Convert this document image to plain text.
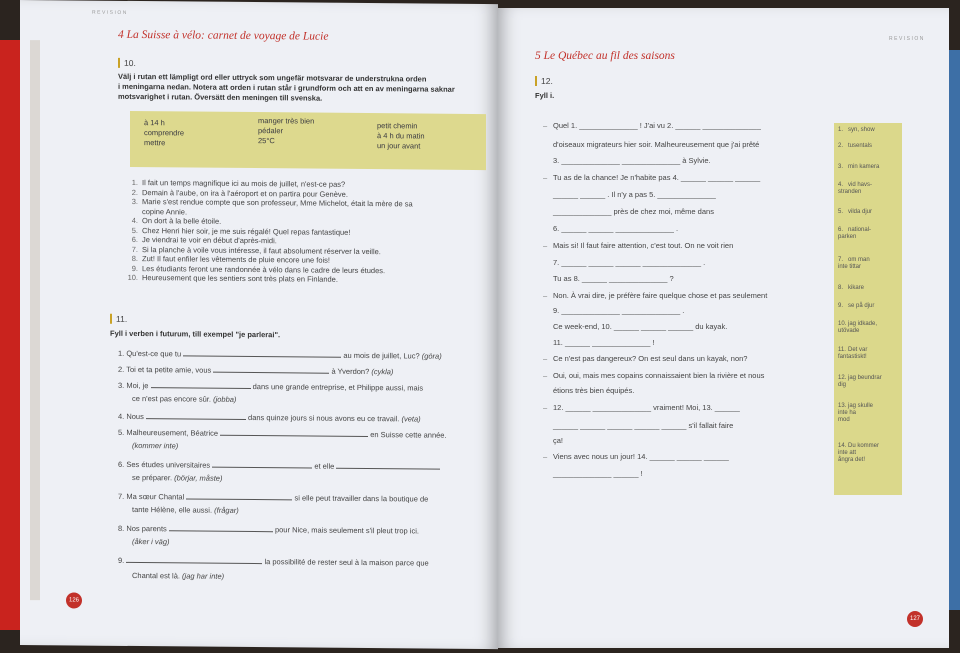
REVISION
4 La Suisse à vélo: carnet de voyage de Lucie
10.
Välj i rutan ett lämpligt ord eller uttryck som ungefär motsvarar de understrukna orden
i meningarna nedan. Notera att orden i rutan står i grundform och att en av meningarna saknar
motsvarighet i rutan. Översätt den meningen till svenska.
à 14 h
comprendre
mettre
manger très bien
pédaler
25°C
petit chemin
à 4 h du matin
un jour avant
1. Il fait un temps magnifique ici au mois de juillet, n'est-ce pas?
2. Demain à l'aube, on ira à l'aéroport et on partira pour Genève.
3. Marie s'est rendue compte que son professeur, Mme Michelot, était la mère de sa
copine Annie.
4. On dort à la belle étoile.
5. Chez Henri hier soir, je me suis régalé! Quel repas fantastique!
6. Je viendrai te voir en début d'après-midi.
7. Si la planche à voile vous intéresse, il faut absolument réserver la veille.
8. Zut! Il faut enfiler les vêtements de pluie encore une fois!
9. Les étudiants feront une randonnée à vélo dans le cadre de leurs études.
10. Heureusement que les sentiers sont très plats en Finlande.
11.
Fyll i verben i futurum, till exempel "je parlerai".
1. Qu'est-ce que tu	au mois de juillet, Luc? (göra)
2. Toi et ta petite amie, vous	à Yverdon? (cykla)
3. Moi, je	dans une grande entreprise, et Philippe aussi, mais
ce n'est pas encore sûr. (jobba)
4. Nous	dans quinze jours si nous avons eu ce travail. (veta)
5. Malheureusement, Béatrice	en Suisse cette année.
(kommer inte)
6. Ses études universitaires	et elle
se préparer. (börjar, måste)
7. Ma sœur Chantal	si elle peut travailler dans la boutique de
tante Hélène, elle aussi. (frågar)
8. Nos parents	pour Nice, mais seulement s'il pleut trop ici.
(åker i väg)
9.	la possibilité de rester seul à la maison parce que
Chantal est là. (jag har inte)
126
REVISION
5 Le Québec au fil des saisons
12.
Fyll i.
– Quel 1. ______________ ! J'ai vu 2. ______ ______________
d'oiseaux migrateurs hier soir. Malheureusement que j'ai prêté
3. ______________ ______________ à Sylvie.
– Tu as de la chance! Je n'habite pas 4. ______ ______ ______
______ ______ . Il n'y a pas 5. ______________
______________ près de chez moi, même dans
6. ______ ______ ______________ .
– Mais si! Il faut faire attention, c'est tout. On ne voit rien
7. ______ ______ ______ ______________ .
Tu as 8. ______ ______________ ?
– Non. À vrai dire, je préfère faire quelque chose et pas seulement
9. ______________ ______________ .
Ce week-end, 10. ______ ______ ______ du kayak.
11. ______ ______________ !
– Ce n'est pas dangereux? On est seul dans un kayak, non?
– Oui, oui, mais mes copains connaissaient bien la rivière et nous
étions très bien équipés.
– 12. ______ ______________ vraiment! Moi, 13. ______
______ ______ ______ ______ ______ s'il fallait faire
ça!
– Viens avec nous un jour! 14. ______ ______ ______
______________ ______ !
1. syn, show
2. tusentals
3. min kamera
4. vid havs-
stranden
5. vilda djur
6. national-
parken
7. om man
inte tittar
8. kikare
9. se på djur
10. jag idkade,
utövade
11. Det var
fantastiskt!
12. jag beundrar
dig
13. jag skulle
inte ha
mod
14. Du kommer
inte att
ångra det!
127
